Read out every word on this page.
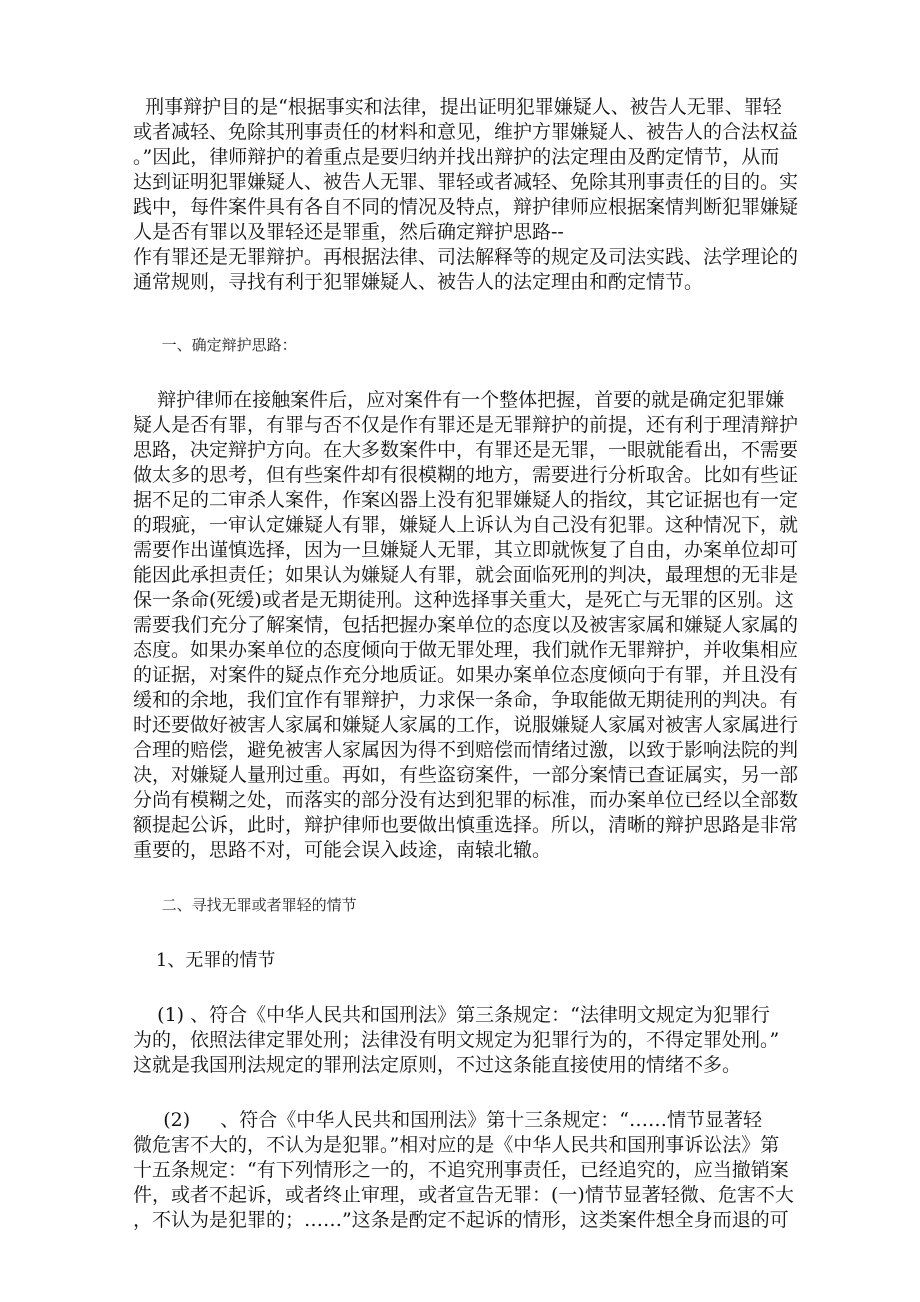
刑事辩护目的是“根据事实和法律，提出证明犯罪嫌疑人、被告人无罪、罪轻
或者减轻、免除其刑事责任的材料和意见，维护方罪嫌疑人、被告人的合法权益
。”因此，律师辩护的着重点是要归纳并找出辩护的法定理由及酌定情节，从而
达到证明犯罪嫌疑人、被告人无罪、罪轻或者减轻、免除其刑事责任的目的。实
践中，每件案件具有各自不同的情况及特点，辩护律师应根据案情判断犯罪嫌疑
人是否有罪以及罪轻还是罪重，然后确定辩护思路--
作有罪还是无罪辩护。再根据法律、司法解释等的规定及司法实践、法学理论的
通常规则，寻找有利于犯罪嫌疑人、被告人的法定理由和酌定情节。
一、确定辩护思路：
辩护律师在接触案件后，应对案件有一个整体把握，首要的就是确定犯罪嫌
疑人是否有罪，有罪与否不仅是作有罪还是无罪辩护的前提，还有利于理清辩护
思路，决定辩护方向。在大多数案件中，有罪还是无罪，一眼就能看出，不需要
做太多的思考，但有些案件却有很模糊的地方，需要进行分析取舍。比如有些证
据不足的二审杀人案件，作案凶器上没有犯罪嫌疑人的指纹，其它证据也有一定
的瑕疵，一审认定嫌疑人有罪，嫌疑人上诉认为自己没有犯罪。这种情况下，就
需要作出谨慎选择，因为一旦嫌疑人无罪，其立即就恢复了自由，办案单位却可
能因此承担责任；如果认为嫌疑人有罪，就会面临死刑的判决，最理想的无非是
保一条命(死缓)或者是无期徒刑。这种选择事关重大，是死亡与无罪的区别。这
需要我们充分了解案情，包括把握办案单位的态度以及被害家属和嫌疑人家属的
态度。如果办案单位的态度倾向于做无罪处理，我们就作无罪辩护，并收集相应
的证据，对案件的疑点作充分地质证。如果办案单位态度倾向于有罪，并且没有
缓和的余地，我们宜作有罪辩护，力求保一条命，争取能做无期徒刑的判决。有
时还要做好被害人家属和嫌疑人家属的工作，说服嫌疑人家属对被害人家属进行
合理的赔偿，避免被害人家属因为得不到赔偿而情绪过激，以致于影响法院的判
决，对嫌疑人量刑过重。再如，有些盗窃案件，一部分案情已查证属实，另一部
分尚有模糊之处，而落实的部分没有达到犯罪的标准，而办案单位已经以全部数
额提起公诉，此时，辩护律师也要做出慎重选择。所以，清晰的辩护思路是非常
重要的，思路不对，可能会误入歧途，南辕北辙。
二、寻找无罪或者罪轻的情节
1、无罪的情节
(1) 、符合《中华人民共和国刑法》第三条规定：“法律明文规定为犯罪行
为的，依照法律定罪处刑；法律没有明文规定为犯罪行为的，不得定罪处刑。”
这就是我国刑法规定的罪刑法定原则，不过这条能直接使用的情绪不多。
(2)     、符合《中华人民共和国刑法》第十三条规定：“……情节显著轻
微危害不大的，不认为是犯罪。”相对应的是《中华人民共和国刑事诉讼法》第
十五条规定：“有下列情形之一的，不追究刑事责任，已经追究的，应当撤销案
件，或者不起诉，或者终止审理，或者宣告无罪：(一)情节显著轻微、危害不大
，不认为是犯罪的；……”这条是酌定不起诉的情形，这类案件想全身而退的可
